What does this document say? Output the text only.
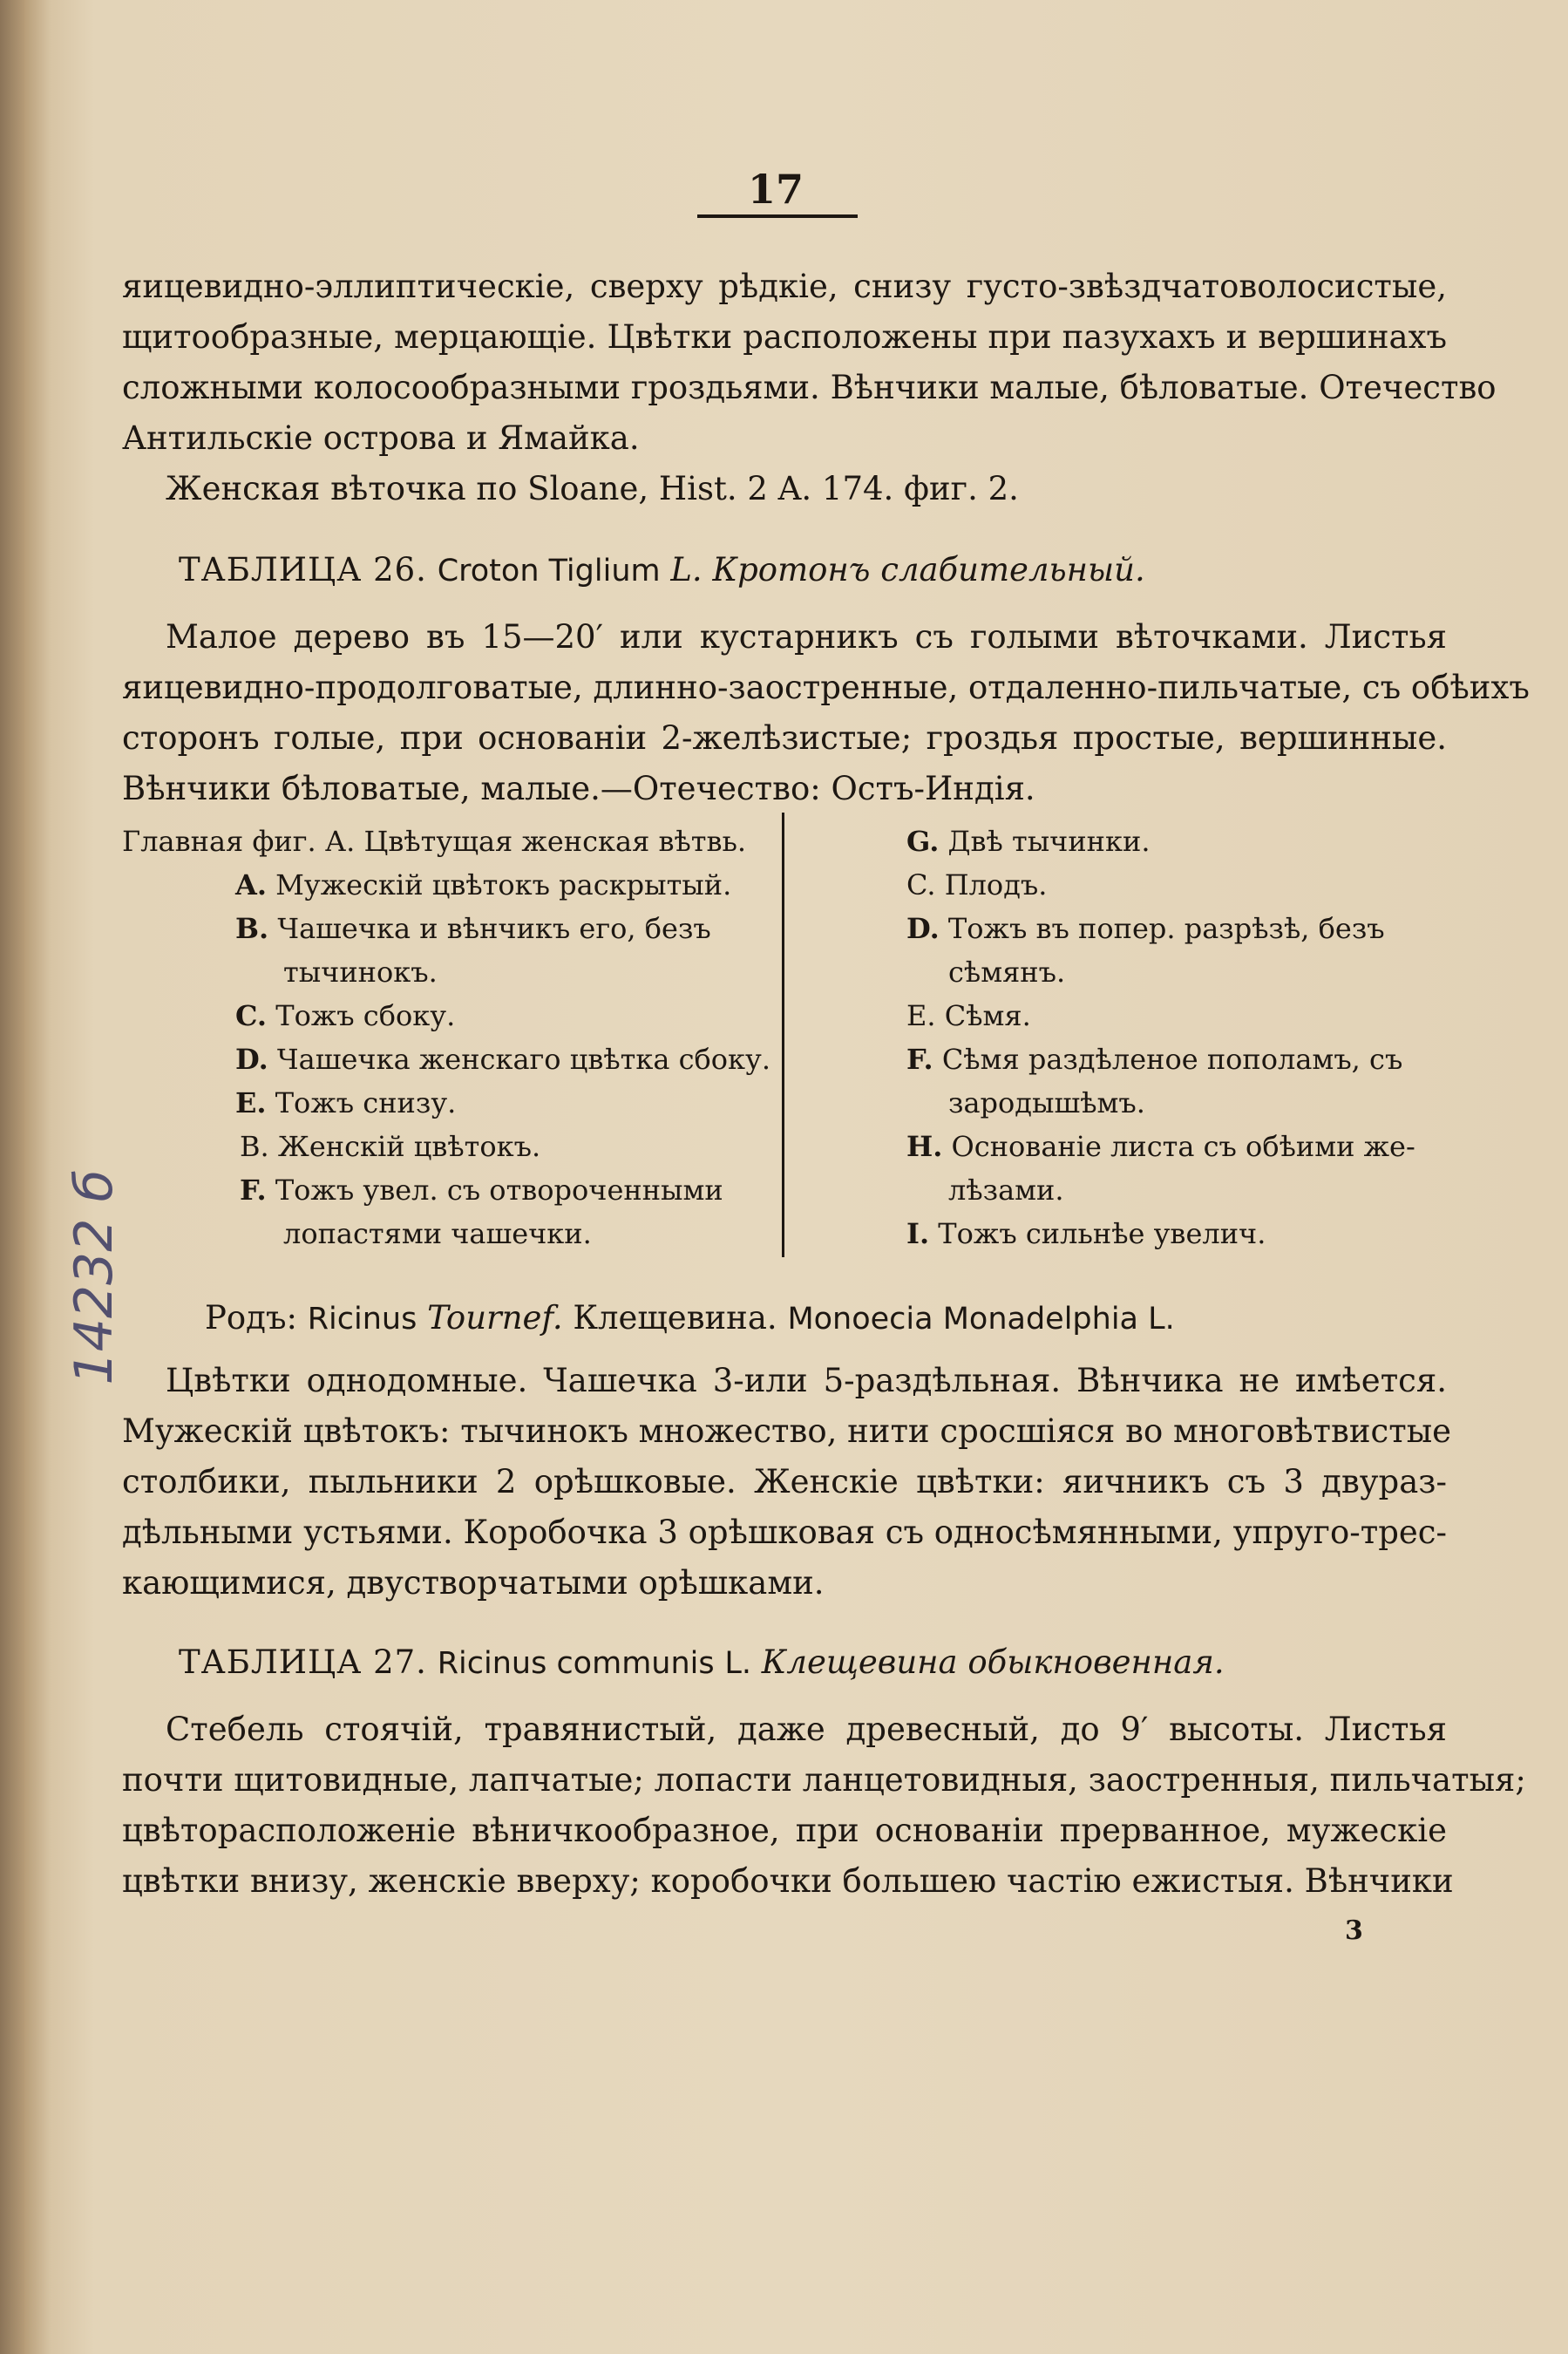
17
яицевидно-эллиптическіе, сверху рѣдкіе, снизу густо-звѣздчатоволосистые,
щитообразные, мерцающіе. Цвѣтки расположены при пазухахъ и вершинахъ
сложными колосообразными гроздьями. Вѣнчики малые, бѣловатые. Отечество
Антильскіе острова и Ямайка.
Женская вѣточка по Sloane, Hist. 2 A. 174. фиг. 2.
ТАБЛИЦА 26. Croton Tiglium L. Кротонъ слабительный.
Малое дерево въ 15—20′ или кустарникъ съ голыми вѣточками. Листья
яицевидно-продолговатые, длинно-заостренные, отдаленно-пильчатые, съ обѣихъ
сторонъ голые, при основаніи 2-желѣзистые; гроздья простые, вершинные.
Вѣнчики бѣловатые, малые.—Отечество: Остъ-Индія.
Главная фиг. А. Цвѣтущая женская вѣтвь.
A.
Мужескій цвѣтокъ раскрытый.
B.
Чашечка и вѣнчикъ его, безъ
тычинокъ.
C.
Тожъ сбоку.
D.
Чашечка женскаго цвѣтка сбоку.
E.
Тожъ снизу.
B. Женскій цвѣтокъ.
F.
Тожъ увел. съ отвороченными
лопастями чашечки.
G.
Двѣ тычинки.
C. Плодъ.
D.
Тожъ въ попер. разрѣзѣ, безъ
сѣмянъ.
E. Сѣмя.
F.
Сѣмя раздѣленое пополамъ, съ
зародышѣмъ.
H.
Основаніе листа съ обѣими же-
лѣзами.
I.
Тожъ сильнѣе увелич.
Родъ: Ricinus Tournef. Клещевина. Monoecia Monadelphia L.
Цвѣтки однодомные. Чашечка 3-или 5-раздѣльная. Вѣнчика не имѣется.
Мужескій цвѣтокъ: тычинокъ множество, нити сросшіяся во многовѣтвистые
столбики, пыльники 2 орѣшковые. Женскіе цвѣтки: яичникъ съ 3 двураз-
дѣльными устьями. Коробочка 3 орѣшковая съ односѣмянными, упруго-трес-
кающимися, двустворчатыми орѣшками.
ТАБЛИЦА 27. Ricinus communis L. Клещевина обыкновенная.
Стебель стоячій, травянистый, даже древесный, до 9′ высоты. Листья
почти щитовидные, лапчатые; лопасти ланцетовидныя, заостренныя, пильчатыя;
цвѣторасположеніе вѣничкообразное, при основаніи прерванное, мужескіе
цвѣтки внизу, женскіе вверху; коробочки большею частію ежистыя. Вѣнчики
3
14232 б
